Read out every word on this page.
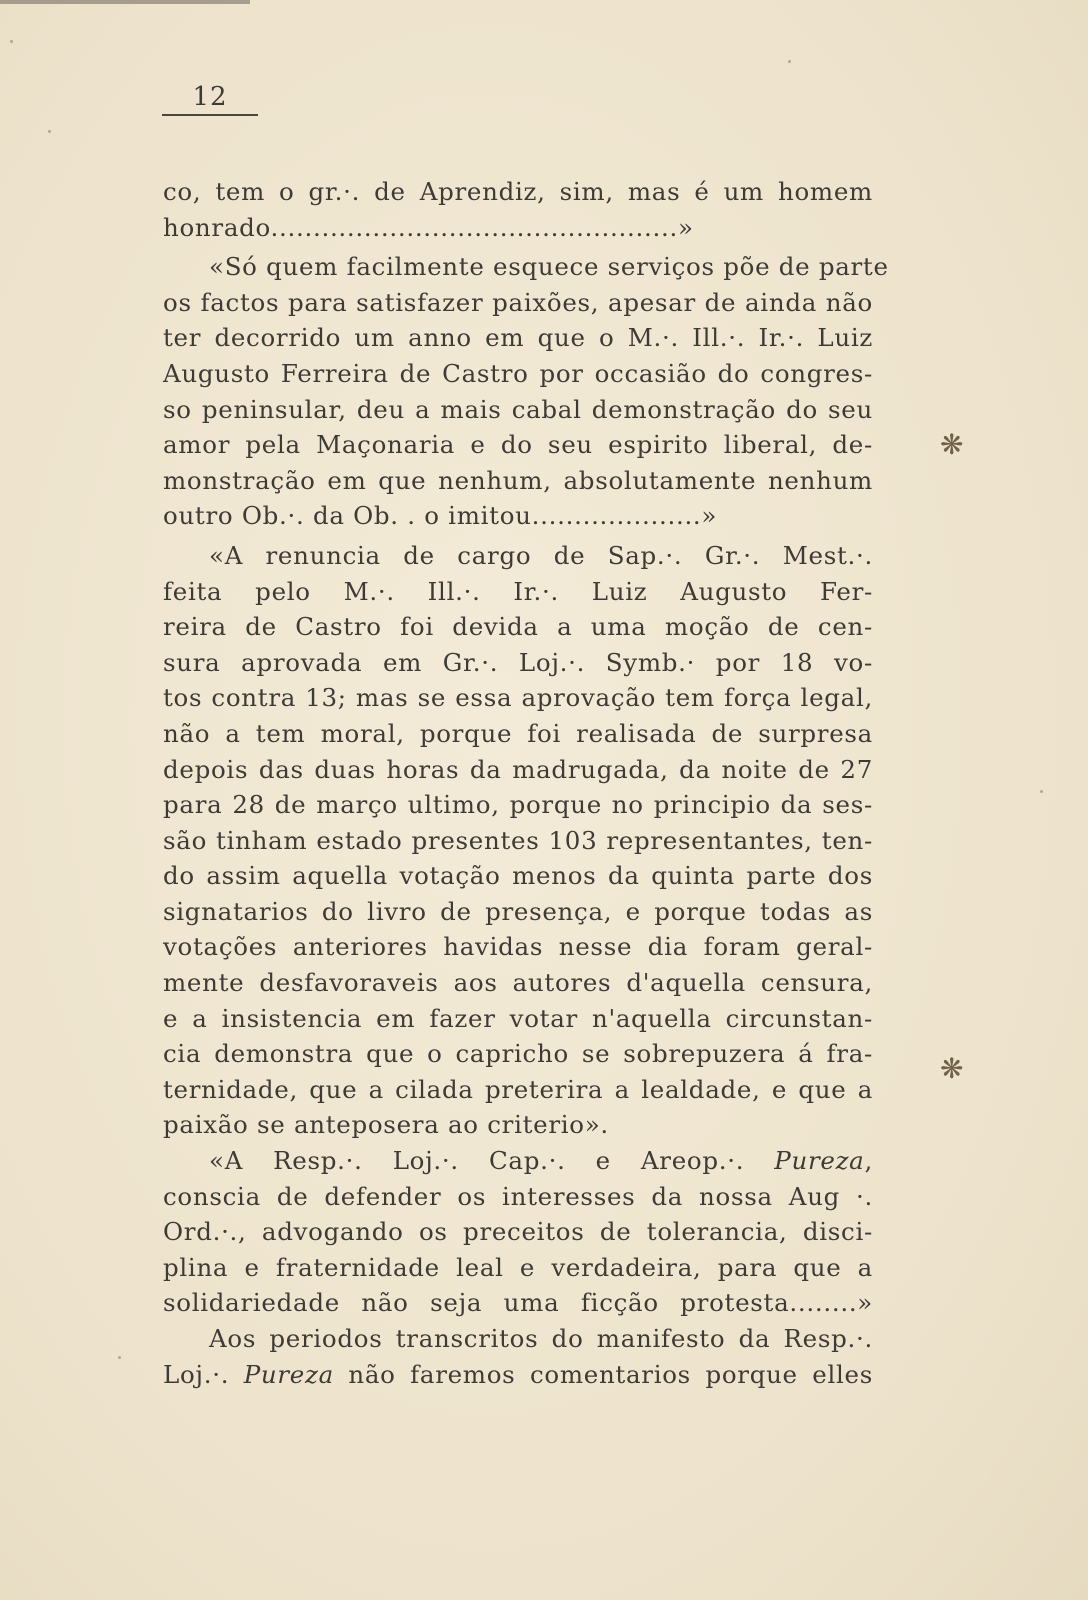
12
co, tem o gr.·. de Aprendiz, sim, mas é um homem
honrado................................................»
«Só quem facilmente esquece serviços põe de parte
os factos para satisfazer paixões, apesar de ainda não
ter decorrido um anno em que o M.·. Ill.·. Ir.·. Luiz
Augusto Ferreira de Castro por occasião do congres-
so peninsular, deu a mais cabal demonstração do seu
amor pela Maçonaria e do seu espirito liberal, de-
monstração em que nenhum, absolutamente nenhum
outro Ob.·. da Ob. . o imitou....................»
«A renuncia de cargo de Sap.·. Gr.·. Mest.·.
feita pelo M.·. Ill.·. Ir.·. Luiz Augusto Fer-
reira de Castro foi devida a uma moção de cen-
sura aprovada em Gr.·. Loj.·. Symb.· por 18 vo-
tos contra 13; mas se essa aprovação tem força legal,
não a tem moral, porque foi realisada de surpresa
depois das duas horas da madrugada, da noite de 27
para 28 de março ultimo, porque no principio da ses-
são tinham estado presentes 103 representantes, ten-
do assim aquella votação menos da quinta parte dos
signatarios do livro de presença, e porque todas as
votações anteriores havidas nesse dia foram geral-
mente desfavoraveis aos autores d'aquella censura,
e a insistencia em fazer votar n'aquella circunstan-
cia demonstra que o capricho se sobrepuzera á fra-
ternidade, que a cilada preterira a lealdade, e que a
paixão se anteposera ao criterio».
«A Resp.·. Loj.·. Cap.·. e Areop.·. Pureza,
conscia de defender os interesses da nossa Aug ·.
Ord.·., advogando os preceitos de tolerancia, disci-
plina e fraternidade leal e verdadeira, para que a
solidariedade não seja uma ficção protesta........»
Aos periodos transcritos do manifesto da Resp.·.
Loj.·. Pureza não faremos comentarios porque elles
❋
❋
